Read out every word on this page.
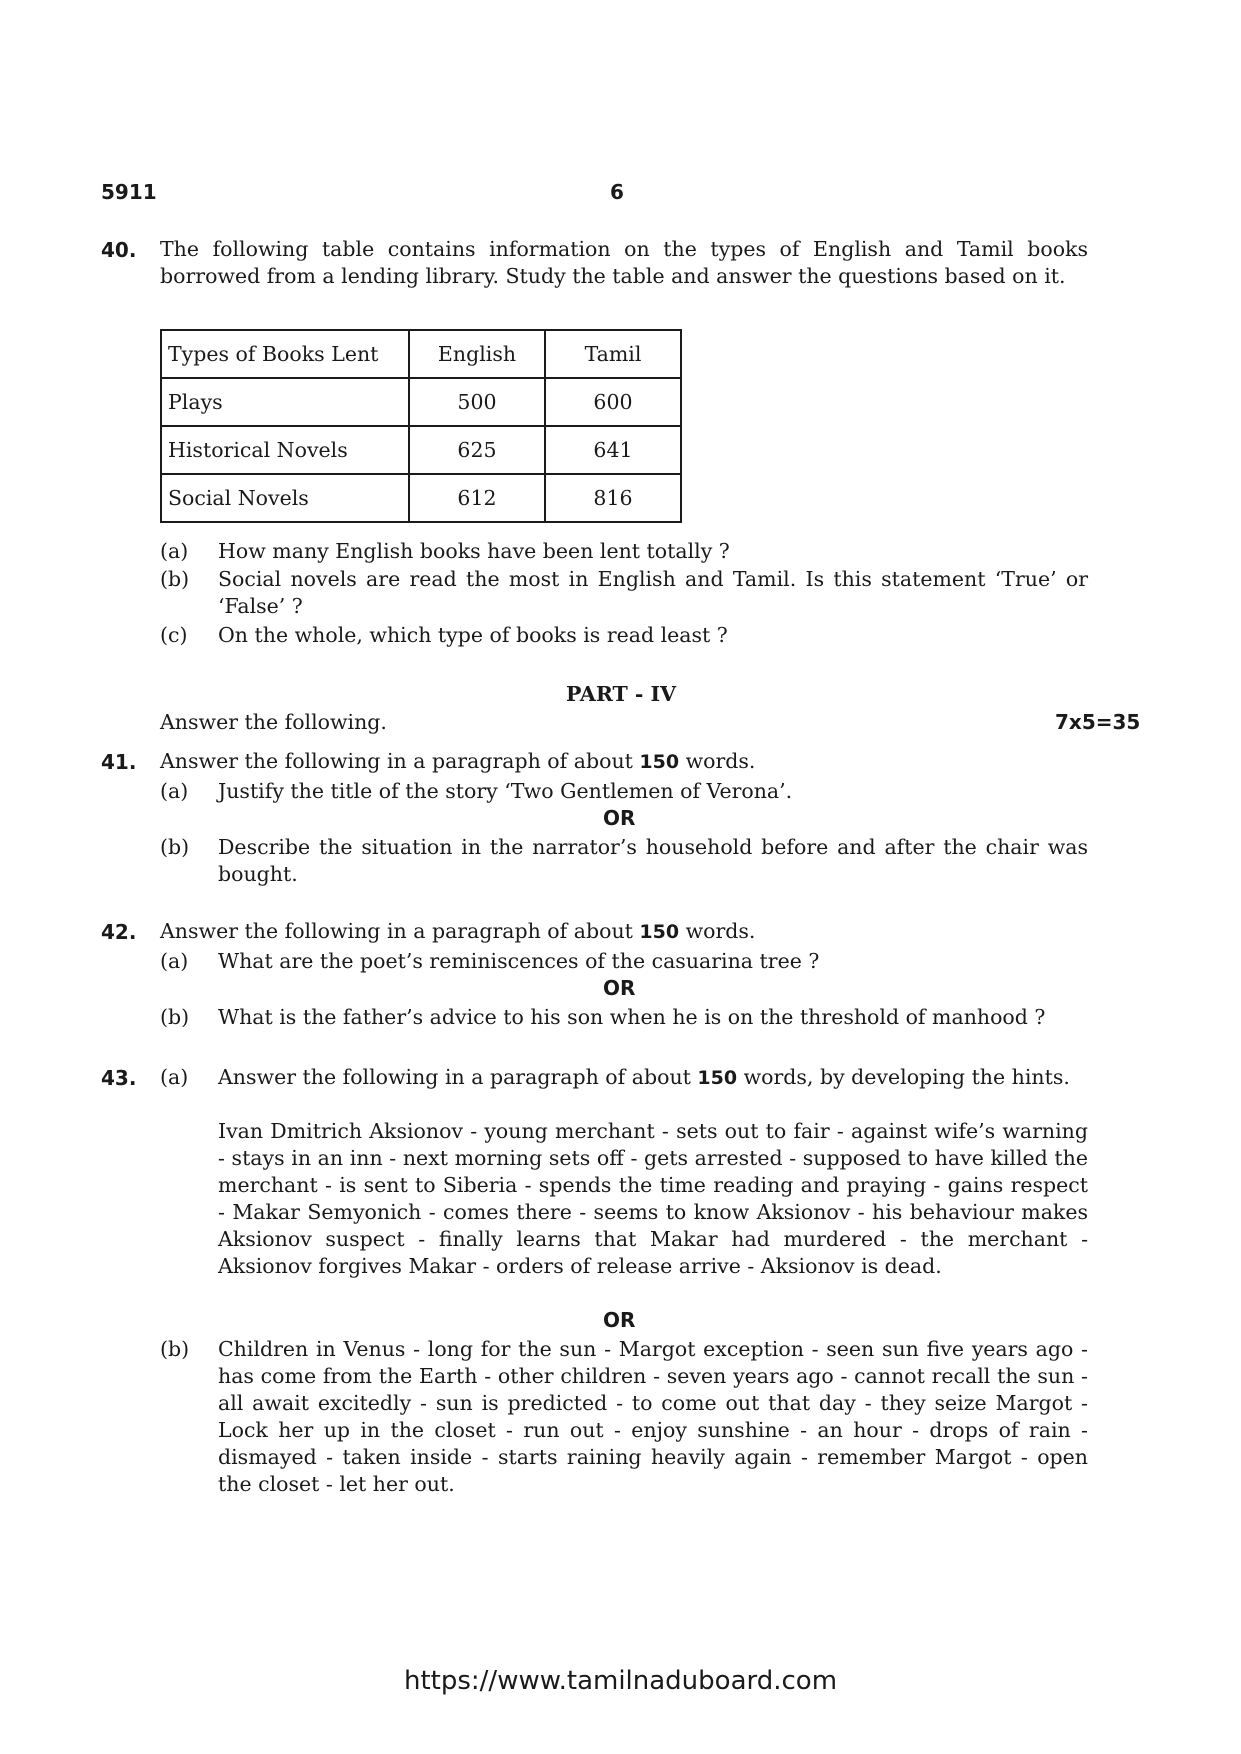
5911	6
40. The following table contains information on the types of English and Tamil books borrowed from a lending library. Study the table and answer the questions based on it.
Types of Books Lent	English	Tamil
Plays	500	600
Historical Novels	625	641
Social Novels	612	816
(a) How many English books have been lent totally ?
(b) Social novels are read the most in English and Tamil. Is this statement ‘True’ or ‘False’ ?
(c) On the whole, which type of books is read least ?
PART - IV
Answer the following.	7x5=35
41. Answer the following in a paragraph of about 150 words.
(a) Justify the title of the story ‘Two Gentlemen of Verona’.
OR
(b) Describe the situation in the narrator’s household before and after the chair was bought.
42. Answer the following in a paragraph of about 150 words.
(a) What are the poet’s reminiscences of the casuarina tree ?
OR
(b) What is the father’s advice to his son when he is on the threshold of manhood ?
43. (a) Answer the following in a paragraph of about 150 words, by developing the hints.
Ivan Dmitrich Aksionov - young merchant - sets out to fair - against wife’s warning - stays in an inn - next morning sets off - gets arrested - supposed to have killed the merchant - is sent to Siberia - spends the time reading and praying - gains respect - Makar Semyonich - comes there - seems to know Aksionov - his behaviour makes Aksionov suspect - finally learns that Makar had murdered - the merchant - Aksionov forgives Makar - orders of release arrive - Aksionov is dead.
OR
(b) Children in Venus - long for the sun - Margot exception - seen sun five years ago - has come from the Earth - other children - seven years ago - cannot recall the sun - all await excitedly - sun is predicted - to come out that day - they seize Margot - Lock her up in the closet - run out - enjoy sunshine - an hour - drops of rain - dismayed - taken inside - starts raining heavily again - remember Margot - open the closet - let her out.
https://www.tamilnaduboard.com
